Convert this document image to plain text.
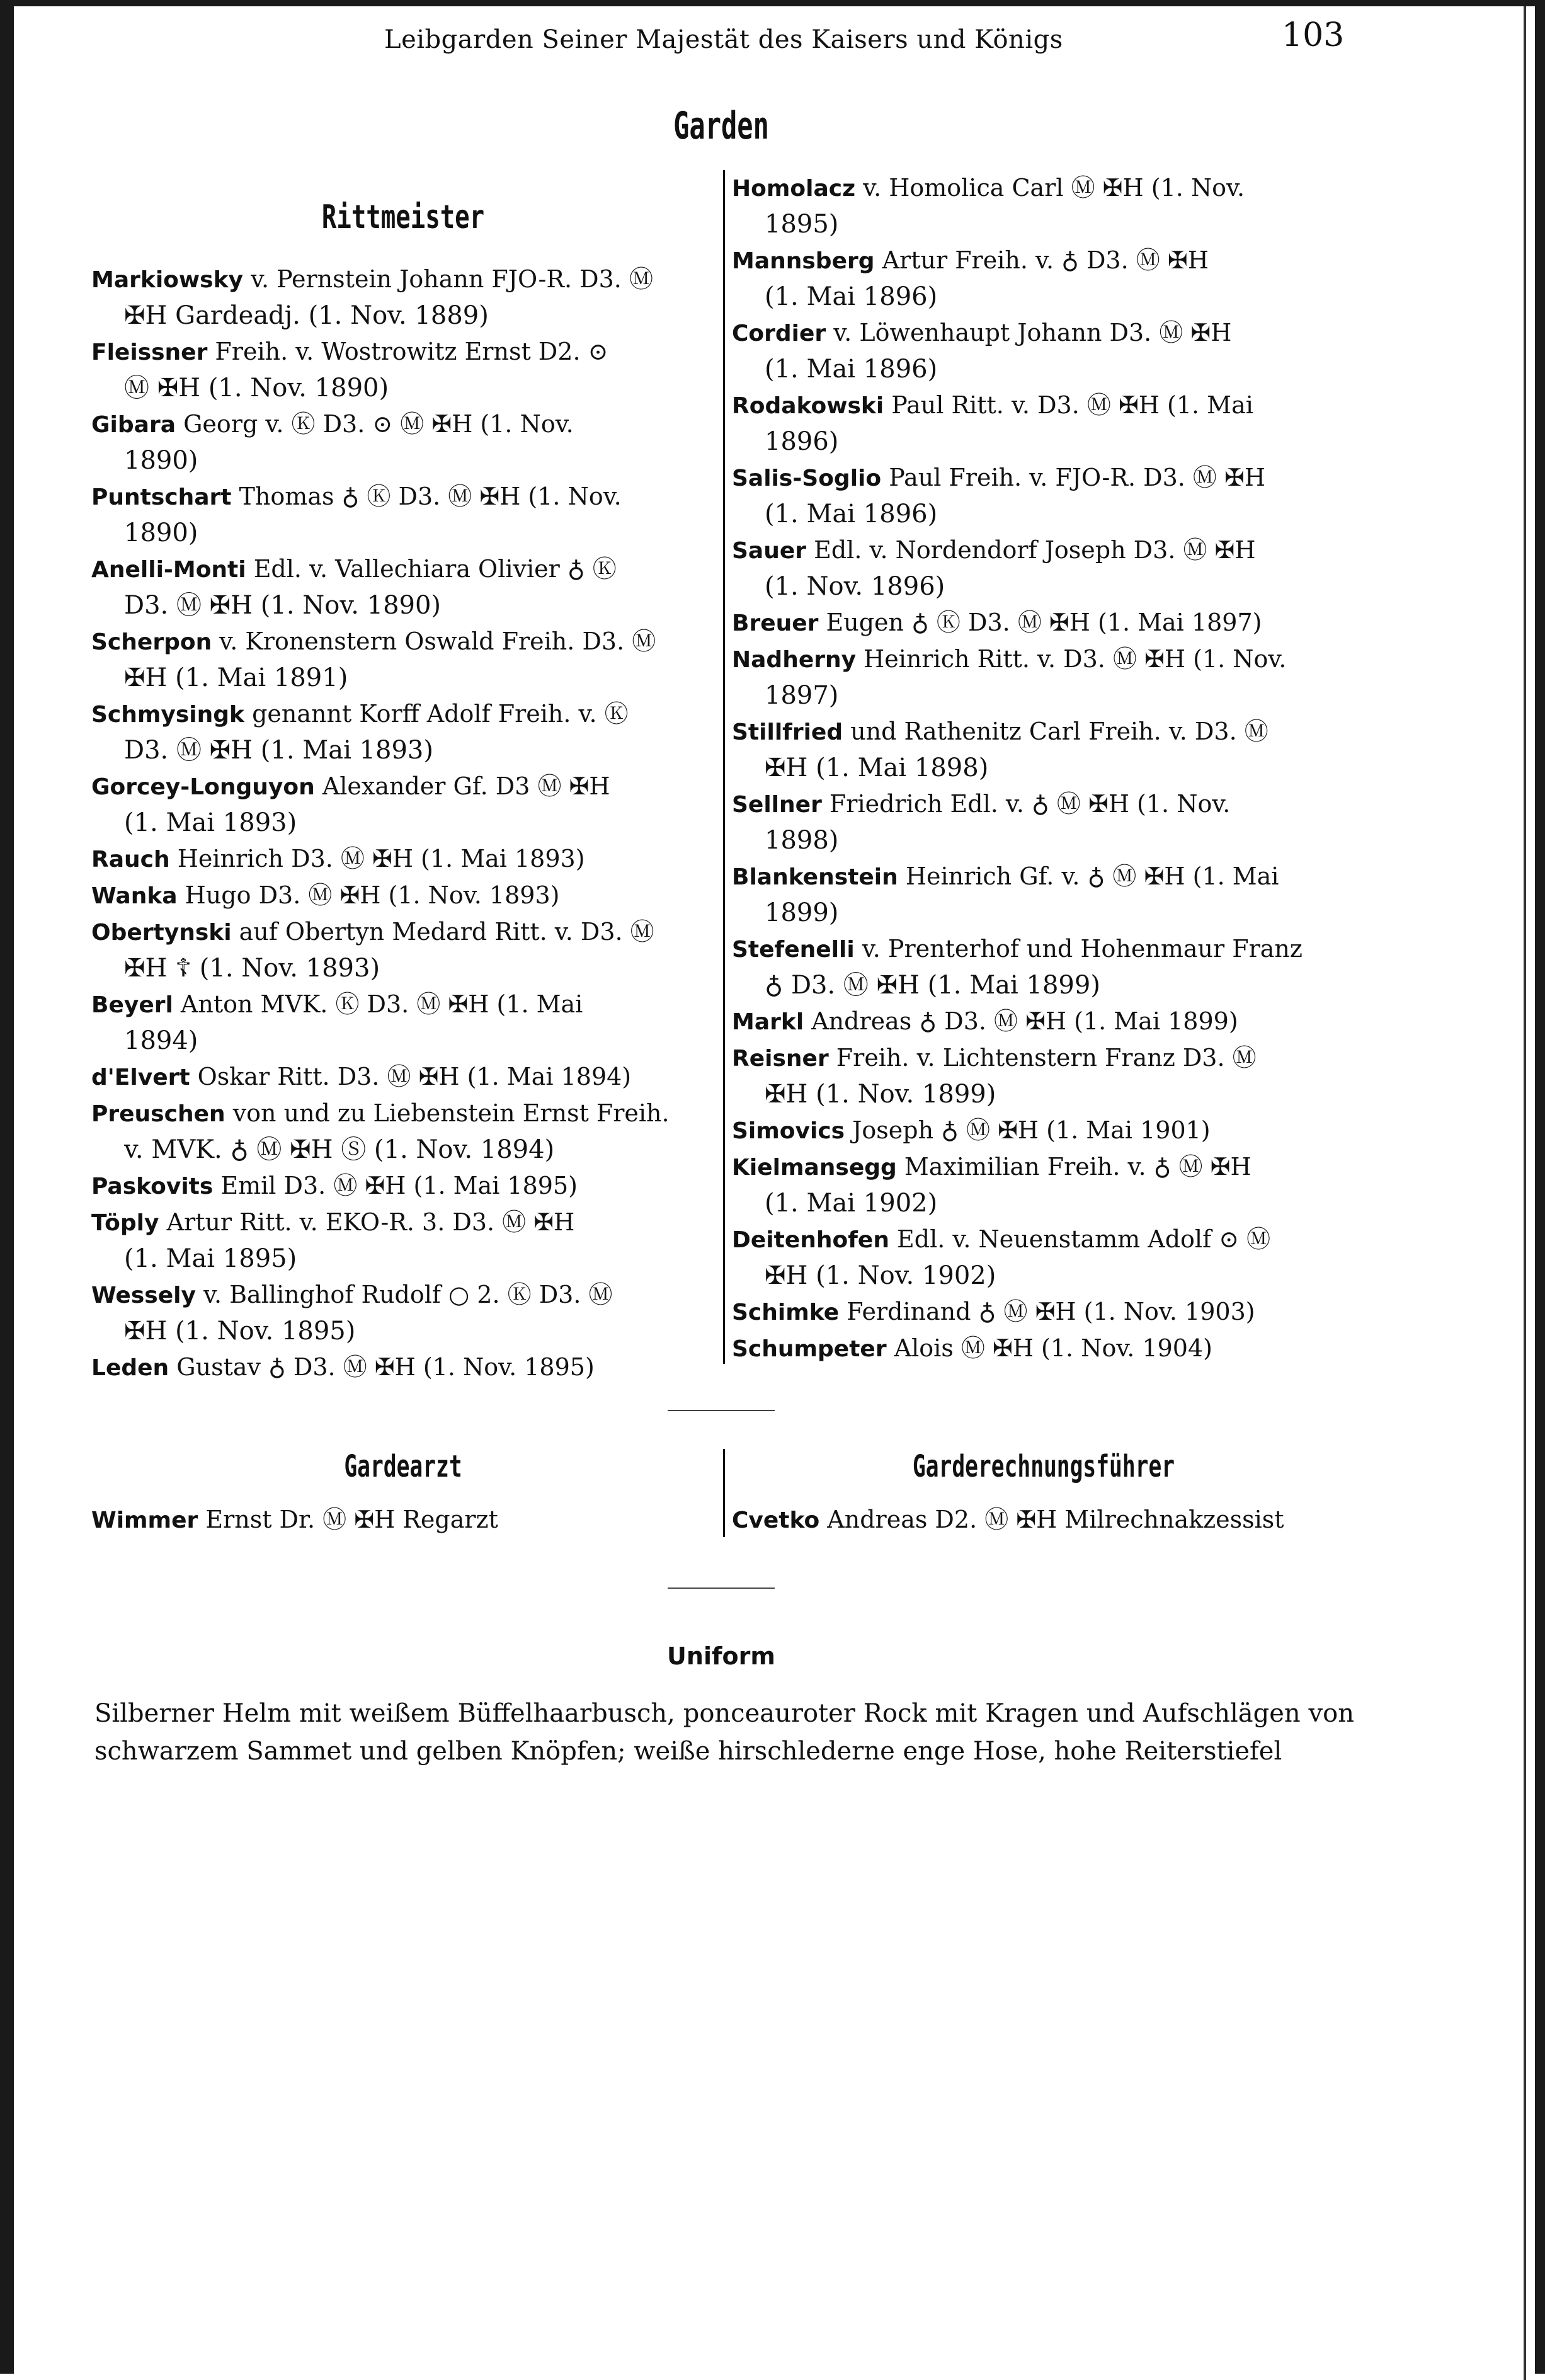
Leibgarden Seiner Majestät des Kaisers und Königs	103
Garden
Rittmeister

Markiowsky v. Pernstein Johann FJO-R. D3. Ⓜ
✠H Gardeadj. (1. Nov. 1889)

Fleissner Freih. v. Wostrowitz Ernst D2. ⊙
Ⓜ ✠H (1. Nov. 1890)

Gibara Georg v. Ⓚ D3. ⊙ Ⓜ ✠H (1. Nov.
1890)

Puntschart Thomas ♁ Ⓚ D3. Ⓜ ✠H (1. Nov.
1890)

Anelli-Monti Edl. v. Vallechiara Olivier ♁ Ⓚ
D3. Ⓜ ✠H (1. Nov. 1890)

Scherpon v. Kronenstern Oswald Freih. D3. Ⓜ
✠H (1. Mai 1891)

Schmysingk genannt Korff Adolf Freih. v. Ⓚ
D3. Ⓜ ✠H (1. Mai 1893)

Gorcey-Longuyon Alexander Gf. D3 Ⓜ ✠H
(1. Mai 1893)

Rauch Heinrich D3. Ⓜ ✠H (1. Mai 1893)

Wanka Hugo D3. Ⓜ ✠H (1. Nov. 1893)

Obertynski auf Obertyn Medard Ritt. v. D3. Ⓜ
✠H ☦ (1. Nov. 1893)

Beyerl Anton MVK. Ⓚ D3. Ⓜ ✠H (1. Mai
1894)

d'Elvert Oskar Ritt. D3. Ⓜ ✠H (1. Mai 1894)

Preuschen von und zu Liebenstein Ernst Freih.
v. MVK. ♁ Ⓜ ✠H Ⓢ (1. Nov. 1894)

Paskovits Emil D3. Ⓜ ✠H (1. Mai 1895)

Töply Artur Ritt. v. EKO-R. 3. D3. Ⓜ ✠H
(1. Mai 1895)

Wessely v. Ballinghof Rudolf ○ 2. Ⓚ D3. Ⓜ
✠H (1. Nov. 1895)

Leden Gustav ♁ D3. Ⓜ ✠H (1. Nov. 1895)

Homolacz v. Homolica Carl Ⓜ ✠H (1. Nov.
1895)

Mannsberg Artur Freih. v. ♁ D3. Ⓜ ✠H
(1. Mai 1896)

Cordier v. Löwenhaupt Johann D3. Ⓜ ✠H
(1. Mai 1896)

Rodakowski Paul Ritt. v. D3. Ⓜ ✠H (1. Mai
1896)

Salis-Soglio Paul Freih. v. FJO-R. D3. Ⓜ ✠H
(1. Mai 1896)

Sauer Edl. v. Nordendorf Joseph D3. Ⓜ ✠H
(1. Nov. 1896)

Breuer Eugen ♁ Ⓚ D3. Ⓜ ✠H (1. Mai 1897)

Nadherny Heinrich Ritt. v. D3. Ⓜ ✠H (1. Nov.
1897)

Stillfried und Rathenitz Carl Freih. v. D3. Ⓜ
✠H (1. Mai 1898)

Sellner Friedrich Edl. v. ♁ Ⓜ ✠H (1. Nov.
1898)

Blankenstein Heinrich Gf. v. ♁ Ⓜ ✠H (1. Mai
1899)

Stefenelli v. Prenterhof und Hohenmaur Franz
♁ D3. Ⓜ ✠H (1. Mai 1899)

Markl Andreas ♁ D3. Ⓜ ✠H (1. Mai 1899)

Reisner Freih. v. Lichtenstern Franz D3. Ⓜ
✠H (1. Nov. 1899)

Simovics Joseph ♁ Ⓜ ✠H (1. Mai 1901)

Kielmansegg Maximilian Freih. v. ♁ Ⓜ ✠H
(1. Mai 1902)

Deitenhofen Edl. v. Neuenstamm Adolf ⊙ Ⓜ
✠H (1. Nov. 1902)

Schimke Ferdinand ♁ Ⓜ ✠H (1. Nov. 1903)

Schumpeter Alois Ⓜ ✠H (1. Nov. 1904)

Gardearzt

Wimmer Ernst Dr. Ⓜ ✠H Regarzt

Garderechnungsführer

Cvetko Andreas D2. Ⓜ ✠H Milrechnakzessist

Uniform
Silberner Helm mit weißem Büffelhaarbusch, ponceauroter Rock mit Kragen und Aufschlägen von schwarzem Sammet und gelben Knöpfen; weiße hirschlederne enge Hose, hohe Reiterstiefel
